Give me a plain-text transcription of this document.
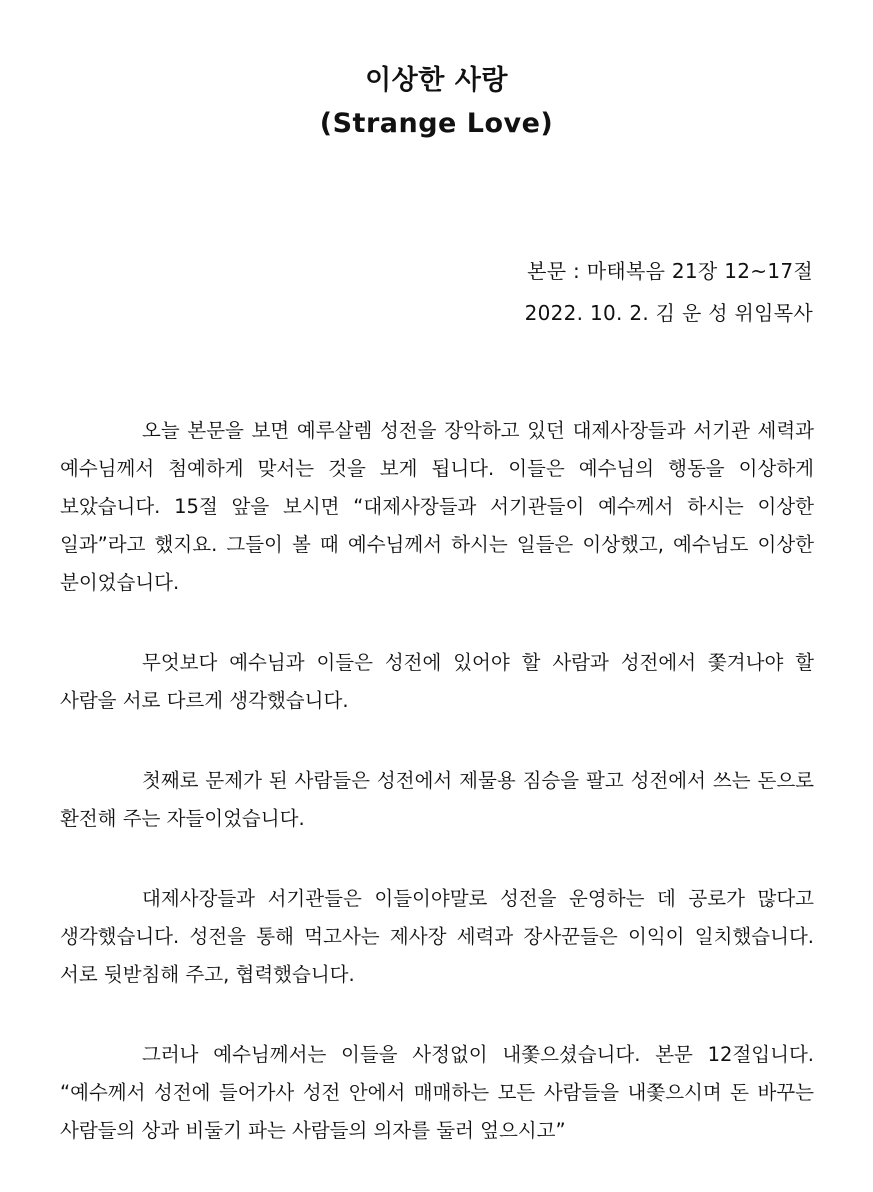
이상한 사랑
(Strange Love)
본문 : 마태복음 21장 12~17절
2022. 10. 2. 김 운 성 위임목사

오늘 본문을 보면 예루살렘 성전을 장악하고 있던 대제사장들과 서기관 세력과 예수님께서 첨예하게 맞서는 것을 보게 됩니다. 이들은 예수님의 행동을 이상하게 보았습니다. 15절 앞을 보시면 “대제사장들과 서기관들이 예수께서 하시는 이상한 일과”라고 했지요. 그들이 볼 때 예수님께서 하시는 일들은 이상했고, 예수님도 이상한 분이었습니다.

무엇보다 예수님과 이들은 성전에 있어야 할 사람과 성전에서 쫓겨나야 할 사람을 서로 다르게 생각했습니다.

첫째로 문제가 된 사람들은 성전에서 제물용 짐승을 팔고 성전에서 쓰는 돈으로 환전해 주는 자들이었습니다.

대제사장들과 서기관들은 이들이야말로 성전을 운영하는 데 공로가 많다고 생각했습니다. 성전을 통해 먹고사는 제사장 세력과 장사꾼들은 이익이 일치했습니다. 서로 뒷받침해 주고, 협력했습니다.

그러나 예수님께서는 이들을 사정없이 내쫓으셨습니다. 본문 12절입니다. “예수께서 성전에 들어가사 성전 안에서 매매하는 모든 사람들을 내쫓으시며 돈 바꾸는 사람들의 상과 비둘기 파는 사람들의 의자를 둘러 엎으시고”
